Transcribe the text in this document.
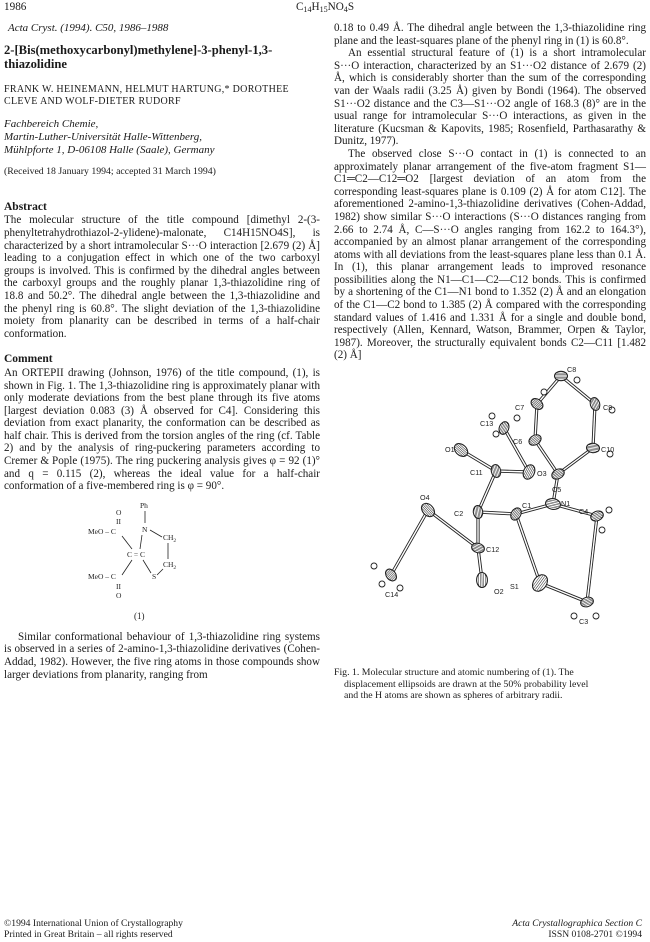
1986	$C_{14}H_{15}NO_4S$
Acta Cryst. (1994). C50, 1986–1988
2-[Bis(methoxycarbonyl)methylene]-3-phenyl-1,3-thiazolidine
FRANK W. HEINEMANN, HELMUT HARTUNG,* DOROTHEE CLEVE AND WOLF-DIETER RUDORF
Fachbereich Chemie,
Martin-Luther-Universität Halle-Wittenberg,
Mühlpforte 1, D-06108 Halle (Saale), Germany
(Received 18 January 1994; accepted 31 March 1994)
Abstract

The molecular structure of the title compound [dimethyl 2-(3-phenyltetrahydrothiazol-2-ylidene)-malonate, C14H15NO4S], is characterized by a short intramolecular S···O interaction [2.679 (2) Å] leading to a conjugation effect in which one of the two carboxyl groups is involved. This is confirmed by the dihedral angles between the carboxyl groups and the roughly planar 1,3-thiazolidine ring of 18.8 and 50.2°. The dihedral angle between the 1,3-thiazolidine and the phenyl ring is 60.8°. The slight deviation of the 1,3-thiazolidine moiety from planarity can be described in terms of a half-chair conformation.

Comment

An ORTEPII drawing (Johnson, 1976) of the title compound, (1), is shown in Fig. 1. The 1,3-thiazolidine ring is approximately planar with only moderate deviations from the best plane through its five atoms [largest deviation 0.083 (3) Å observed for C4]. Considering this deviation from exact planarity, the conformation can be described as half chair. This is derived from the torsion angles of the ring (cf. Table 2) and by the analysis of ring-puckering parameters according to Cremer & Pople (1975). The ring puckering analysis gives φ = 92 (1)° and q = 0.115 (2), whereas the ideal value for a half-chair conformation of a five-membered ring is φ = 90°.

Ph
O
II
MeO – C	N
$CH_2$
C = C
$CH_2$
S
MeO – C
II
O
(1)

Similar conformational behaviour of 1,3-thiazolidine ring systems is observed in a series of 2-amino-1,3-thiazolidine derivatives (Cohen-Addad, 1982). However, the five ring atoms in those compounds show larger deviations from planarity, ranging from

0.18 to 0.49 Å. The dihedral angle between the 1,3-thiazolidine ring plane and the least-squares plane of the phenyl ring in (1) is 60.8°.

An essential structural feature of (1) is a short intramolecular S···O interaction, characterized by an S1···O2 distance of 2.679 (2) Å, which is considerably shorter than the sum of the corresponding van der Waals radii (3.25 Å) given by Bondi (1964). The observed S1···O2 distance and the C3—S1···O2 angle of 168.3 (8)° are in the usual range for intramolecular S···O interactions, as given in the literature (Kucsman & Kapovits, 1985; Rosenfield, Parthasarathy & Dunitz, 1977).

The observed close S···O contact in (1) is connected to an approximately planar arrangement of the five-atom fragment S1—C1═C2—C12═O2 [largest deviation of an atom from the corresponding least-squares plane is 0.109 (2) Å for atom C12]. The aforementioned 2-amino-1,3-thiazolidine derivatives (Cohen-Addad, 1982) show similar S···O interactions (S···O distances ranging from 2.66 to 2.74 Å, C—S···O angles ranging from 162.2 to 164.3°), accompanied by an almost planar arrangement of the corresponding atoms with all deviations from the least-squares plane less than 0.1 Å. In (1), this planar arrangement leads to improved resonance possibilities along the N1—C1—C2—C12 bonds. This is confirmed by a shortening of the C1—N1 bond to 1.352 (2) Å and an elongation of the C1—C2 bond to 1.385 (2) Å compared with the corresponding standard values of 1.416 and 1.331 Å for a single and double bond, respectively (Allen, Kennard, Watson, Brammer, Orpen & Taylor, 1987). Moreover, the structurally equivalent bonds C2—C11 [1.482 (2) Å]

C8
C7	C9
C13
C6
C10
O1
C11	O3
C5
N1
O4
C2
C1
C4
C12
C14	O2
S1
C3
Fig. 1. Molecular structure and atomic numbering of (1). The
displacement ellipsoids are drawn at the 50% probability level
and the H atoms are shown as spheres of arbitrary radii.
©1994 International Union of Crystallography
Printed in Great Britain – all rights reserved
Acta Crystallographica Section C
ISSN 0108-2701 ©1994
